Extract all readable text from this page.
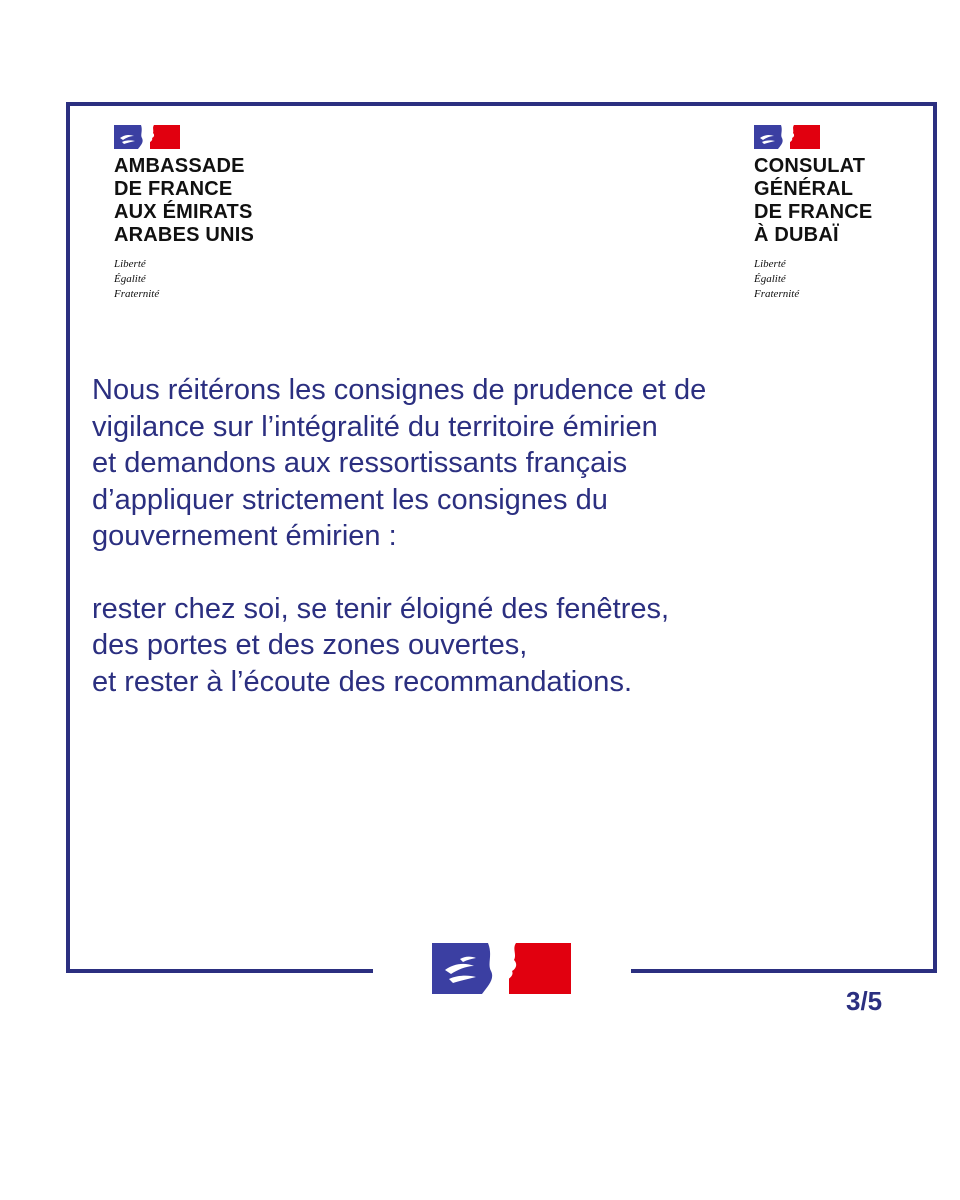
AMBASSADE
DE FRANCE
AUX ÉMIRATS
ARABES UNIS
Liberté
Égalité
Fraternité
CONSULAT
GÉNÉRAL
DE FRANCE
À DUBAÏ
Liberté
Égalité
Fraternité
Nous réitérons les consignes de prudence et de
vigilance sur l’intégralité du territoire émirien
et demandons aux ressortissants français
d’appliquer strictement les consignes du
gouvernement émirien :
rester chez soi, se tenir éloigné des fenêtres,
des portes et des zones ouvertes,
et rester à l’écoute des recommandations.
3/5
